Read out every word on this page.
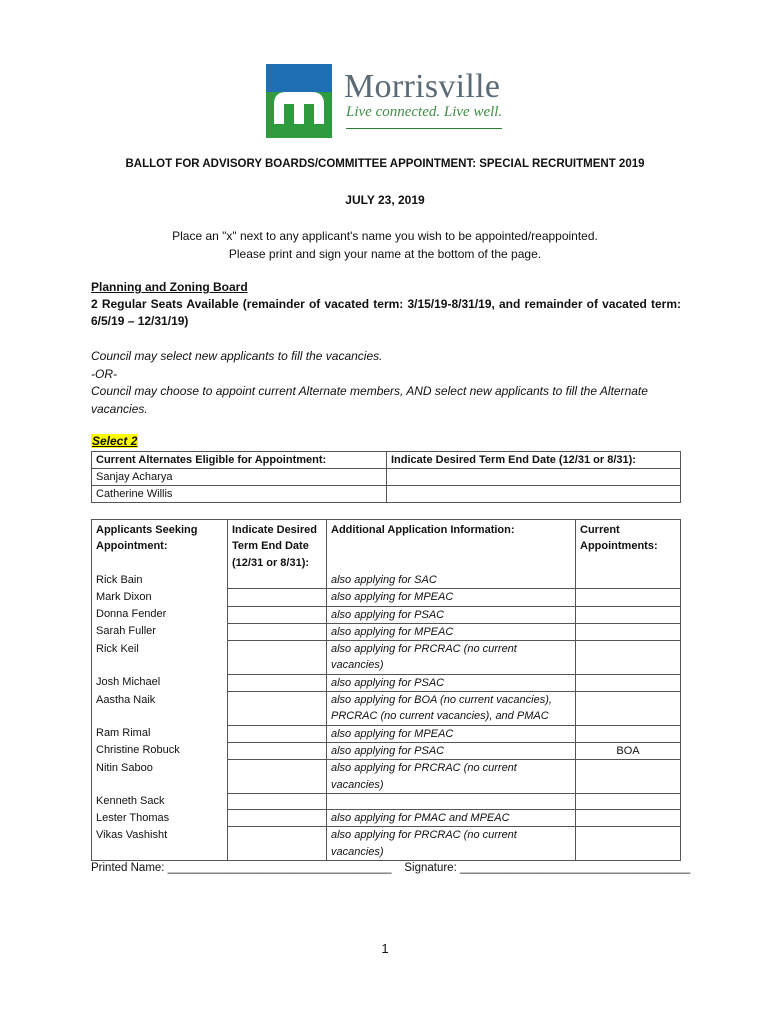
Morrisville
Live connected. Live well.
BALLOT FOR ADVISORY BOARDS/COMMITTEE APPOINTMENT: SPECIAL RECRUITMENT 2019
JULY 23, 2019
Place an "x" next to any applicant's name you wish to be appointed/reappointed.
Please print and sign your name at the bottom of the page.
Planning and Zoning Board
2 Regular Seats Available (remainder of vacated term: 3/15/19-8/31/19, and remainder of vacated term: 6/5/19 – 12/31/19)
Council may select new applicants to fill the vacancies.
-OR-
Council may choose to appoint current Alternate members, AND select new applicants to fill the Alternate vacancies.
Select 2
Current Alternates Eligible for Appointment:	Indicate Desired Term End Date (12/31 or 8/31):
Sanjay Acharya	
Catherine Willis	
Applicants Seeking Appointment:	Indicate Desired Term End Date (12/31 or 8/31):	Additional Application Information:	Current Appointments:
Rick Bain		also applying for SAC	
Mark Dixon		also applying for MPEAC	
Donna Fender		also applying for PSAC	
Sarah Fuller		also applying for MPEAC	
Rick Keil		also applying for PRCRAC (no current vacancies)	
Josh Michael		also applying for PSAC	
Aastha Naik		also applying for BOA (no current vacancies), PRCRAC (no current vacancies), and PMAC	
Ram Rimal		also applying for MPEAC	
Christine Robuck		also applying for PSAC	BOA
Nitin Saboo		also applying for PRCRAC (no current vacancies)	
Kenneth Sack			
Lester Thomas		also applying for PMAC and MPEAC	
Vikas Vashisht		also applying for PRCRAC (no current vacancies)	
Printed Name: ___________________________________ Signature: ____________________________________
1
